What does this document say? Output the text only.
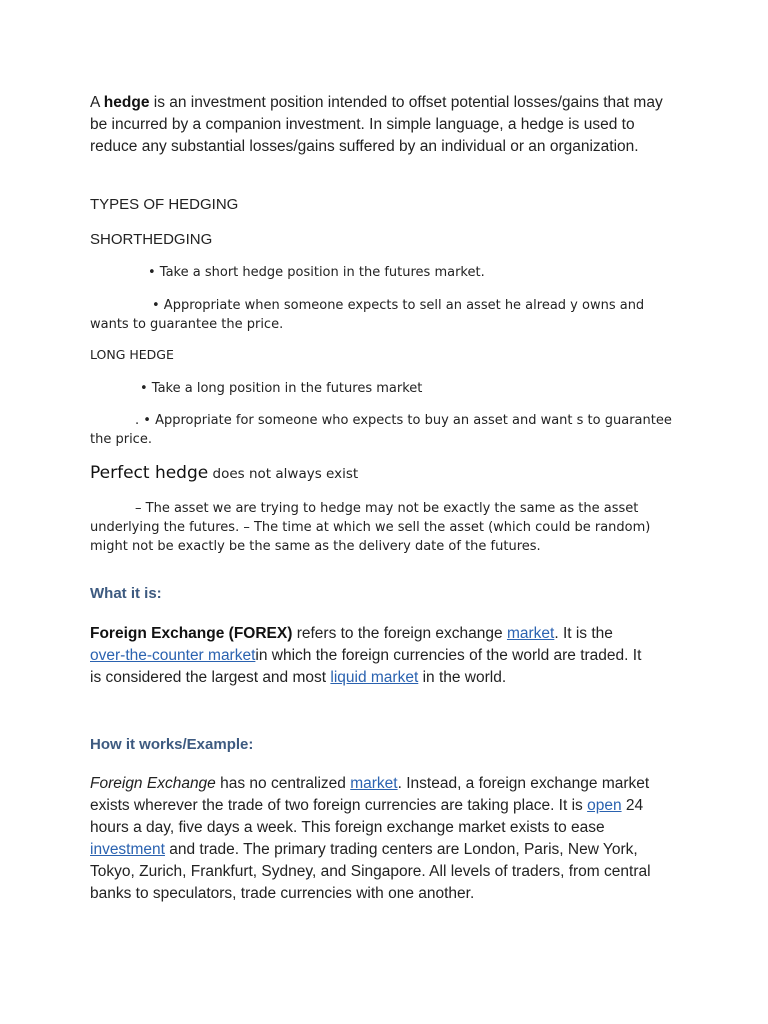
A hedge is an investment position intended to offset potential losses/gains that may be incurred by a companion investment. In simple language, a hedge is used to reduce any substantial losses/gains suffered by an individual or an organization.

TYPES OF HEDGING

SHORTHEDGING

• Take a short hedge position in the futures market.

• Appropriate when someone expects to sell an asset he alread y owns and wants to guarantee the price.

LONG HEDGE

• Take a long position in the futures market

. • Appropriate for someone who expects to buy an asset and want s to guarantee the price.

Perfect hedge does not always exist

– The asset we are trying to hedge may not be exactly the same as the asset underlying the futures. – The time at which we sell the asset (which could be random) might not be exactly be the same as the delivery date of the futures.

What it is:

Foreign Exchange (FOREX) refers to the foreign exchange market. It is the over-the-counter marketin which the foreign currencies of the world are traded. It is considered the largest and most liquid market in the world.

How it works/Example:

Foreign Exchange has no centralized market. Instead, a foreign exchange market exists wherever the trade of two foreign currencies are taking place. It is open 24 hours a day, five days a week. This foreign exchange market exists to ease investment and trade. The primary trading centers are London, Paris, New York, Tokyo, Zurich, Frankfurt, Sydney, and Singapore. All levels of traders, from central banks to speculators, trade currencies with one another.
